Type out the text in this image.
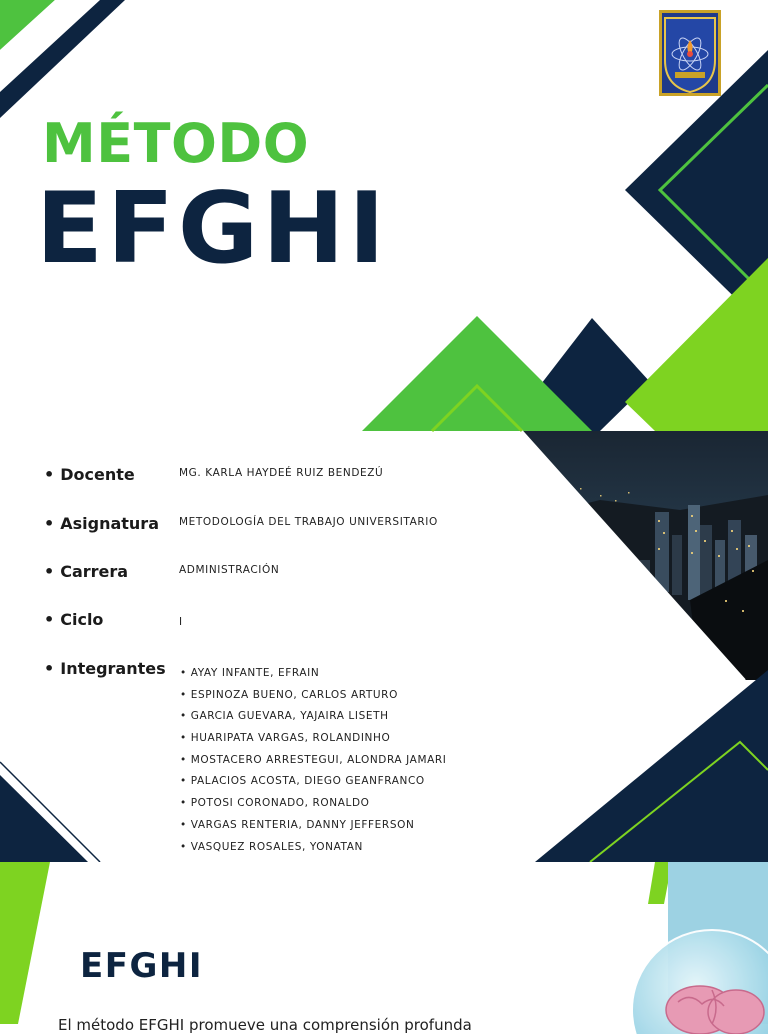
MÉTODO
EFGHI
• Docente	MG. KARLA HAYDEÉ RUIZ BENDEZÚ
• Asignatura	METODOLOGÍA DEL TRABAJO UNIVERSITARIO
• Carrera	ADMINISTRACIÓN
• Ciclo	I
• Integrantes
•	AYAY INFANTE, EFRAIN
• ESPINOZA BUENO, CARLOS ARTURO
• GARCIA GUEVARA, YAJAIRA LISETH
• HUARIPATA VARGAS, ROLANDINHO
• MOSTACERO ARRESTEGUI, ALONDRA JAMARI
• PALACIOS ACOSTA, DIEGO GEANFRANCO
• POTOSI CORONADO, RONALDO
• VARGAS RENTERIA, DANNY JEFFERSON
• VASQUEZ ROSALES, YONATAN
EFGHI
El método EFGHI promueve una comprensión profunda
